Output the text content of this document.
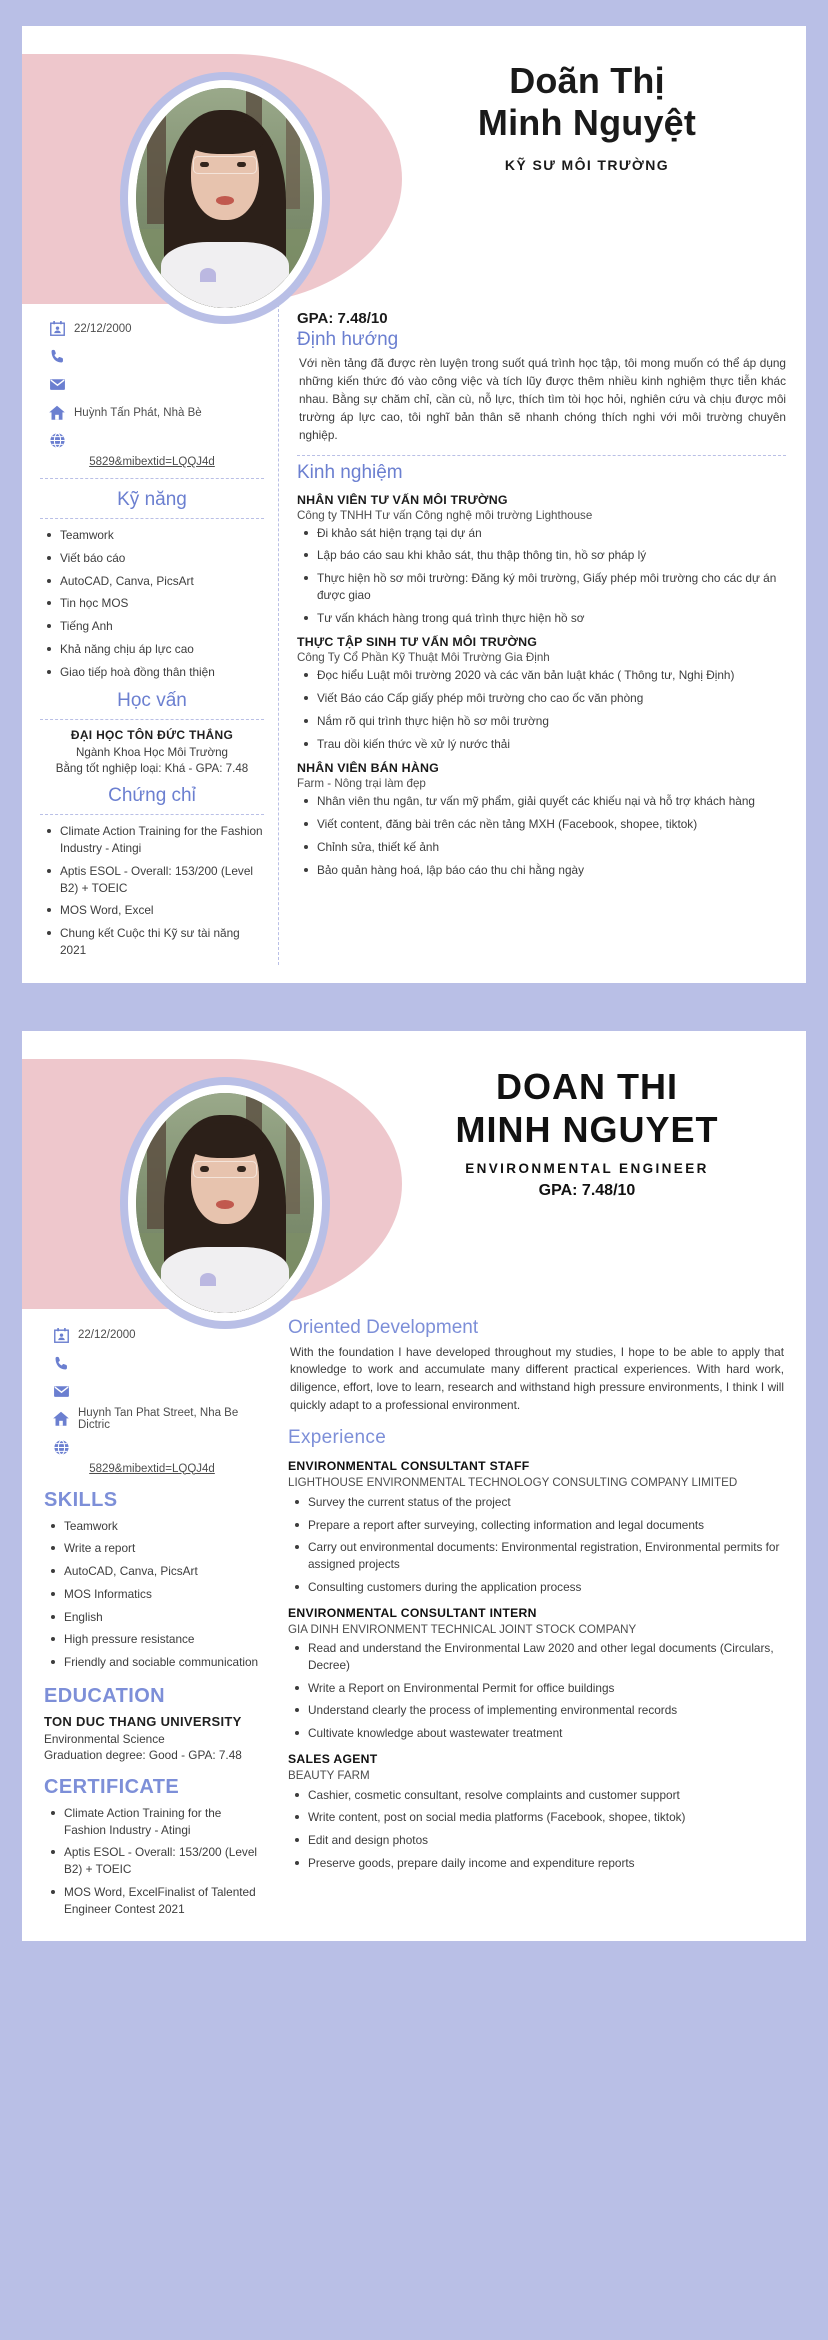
Doãn Thị
Minh Nguyệt
KỸ SƯ MÔI TRƯỜNG
22/12/2000
Huỳnh Tấn Phát, Nhà Bè
5829&mibextid=LQQJ4d
Kỹ năng
Teamwork
Viết báo cáo
AutoCAD, Canva, PicsArt
Tin học MOS
Tiếng Anh
Khả năng chịu áp lực cao
Giao tiếp hoà đồng thân thiện
Học vấn
ĐẠI HỌC TÔN ĐỨC THẮNG
Ngành Khoa Học Môi Trường
Bằng tốt nghiệp loại: Khá - GPA: 7.48
Chứng chỉ
Climate Action Training for the Fashion Industry - Atingi
Aptis ESOL - Overall: 153/200 (Level B2) + TOEIC
MOS Word, Excel
Chung kết Cuộc thi Kỹ sư tài năng 2021
GPA: 7.48/10
Định hướng

Với nền tảng đã được rèn luyện trong suốt quá trình học tập, tôi mong muốn có thể áp dụng những kiến thức đó vào công việc và tích lũy được thêm nhiều kinh nghiệm thực tiễn khác nhau. Bằng sự chăm chỉ, cần cù, nỗ lực, thích tìm tòi học hỏi, nghiên cứu và chịu được môi trường áp lực cao, tôi nghĩ bản thân sẽ nhanh chóng thích nghi với môi trường chuyên nghiệp.

Kinh nghiệm
NHÂN VIÊN TƯ VẤN MÔI TRƯỜNG
Công ty TNHH Tư vấn Công nghệ môi trường Lighthouse
Đi khảo sát hiện trạng tại dự án
Lập báo cáo sau khi khảo sát, thu thập thông tin, hồ sơ pháp lý
Thực hiện hồ sơ môi trường: Đăng ký môi trường, Giấy phép môi trường cho các dự án được giao
Tư vấn khách hàng trong quá trình thực hiện hồ sơ
THỰC TẬP SINH TƯ VẤN MÔI TRƯỜNG
Công Ty Cổ Phần Kỹ Thuật Môi Trường Gia Định
Đọc hiểu Luật môi trường 2020 và các văn bản luật khác ( Thông tư, Nghị Định)
Viết Báo cáo Cấp giấy phép môi trường cho cao ốc văn phòng
Nắm rõ qui trình thực hiện hồ sơ môi trường
Trau dồi kiến thức về xử lý nước thải
NHÂN VIÊN BÁN HÀNG
Farm - Nông trại làm đẹp
Nhân viên thu ngân, tư vấn mỹ phẩm, giải quyết các khiếu nại và hỗ trợ khách hàng
Viết content, đăng bài trên các nền tảng MXH (Facebook, shopee, tiktok)
Chỉnh sửa, thiết kế ảnh
Bảo quản hàng hoá, lập báo cáo thu chi hằng ngày
DOAN THI
MINH NGUYET
ENVIRONMENTAL ENGINEER
GPA: 7.48/10
22/12/2000
Huynh Tan Phat Street, Nha Be Dictric
5829&mibextid=LQQJ4d
SKILLS
Teamwork
Write a report
AutoCAD, Canva, PicsArt
MOS Informatics
English
High pressure resistance
Friendly and sociable communication
EDUCATION
TON DUC THANG UNIVERSITY
Environmental Science
Graduation degree: Good - GPA: 7.48
CERTIFICATE
Climate Action Training for the Fashion Industry - Atingi
Aptis ESOL - Overall: 153/200 (Level B2) + TOEIC
MOS Word, ExcelFinalist of Talented Engineer Contest 2021
Oriented Development

With the foundation I have developed throughout my studies, I hope to be able to apply that knowledge to work and accumulate many different practical experiences. With hard work, diligence, effort, love to learn, research and withstand high pressure environments, I think I will quickly adapt to a professional environment.

Experience
ENVIRONMENTAL CONSULTANT STAFF
LIGHTHOUSE ENVIRONMENTAL TECHNOLOGY CONSULTING COMPANY LIMITED
Survey the current status of the project
Prepare a report after surveying, collecting information and legal documents
Carry out environmental documents: Environmental registration, Environmental permits for assigned projects
Consulting customers during the application process
ENVIRONMENTAL CONSULTANT INTERN
GIA DINH ENVIRONMENT TECHNICAL JOINT STOCK COMPANY
Read and understand the Environmental Law 2020 and other legal documents (Circulars, Decree)
Write a Report on Environmental Permit for office buildings
Understand clearly the process of implementing environmental records
Cultivate knowledge about wastewater treatment
SALES AGENT
BEAUTY FARM
Cashier, cosmetic consultant, resolve complaints and customer support
Write content, post on social media platforms (Facebook, shopee, tiktok)
Edit and design photos
Preserve goods, prepare daily income and expenditure reports
